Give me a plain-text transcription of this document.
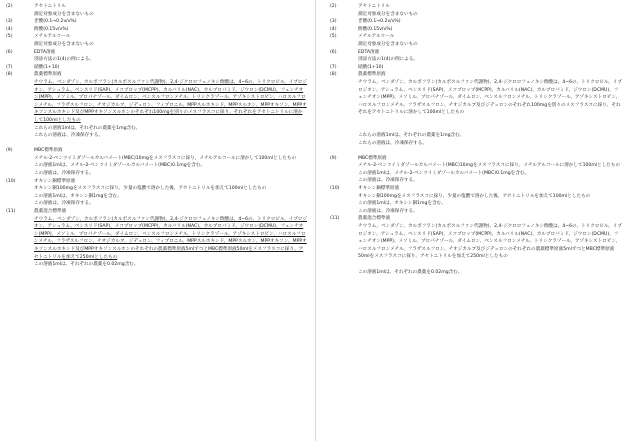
(2)	アセトニトリル
測定対象成分を含まないもの
(3)	ぎ酸(0.1→0.2v/v%)
(4)	酢酸(0.15v/v%)
(5)	メチルアルコール
測定対象成分を含まないもの
(6)	EDTA溶液
別添方法の1(4)の例による。
(7)	硝酸(1+10)
(8)	農薬標準原液
チウラム、ベンダゾン、カルボフラン(カルボスルファン代謝物)、2,4-ジクロロフェノキシ酢酸は、4~6の、トリクロピル、イプロジオン、アシュラム、ベンスリド(SAP)、メコプロップ(MCPP)、カルバリル(NAC)、カルプロパミド、ジウロン(DCMU)、フェンチオン(MPP)、メソミル、プロパナゾール、ダイムロン、ベンスルフロンメチル、トリシクラゾール、アゾキシストロビン、ハロスルフロンメチル、フラザスルフロン、チオジカルブ、ジデュロン、フィプロニル、MPPスルホキシド、MPPスルホン、MPPオキソン、MPPオキソンスルホキシド及びMPPオキソンスルホンのそれぞれ100mgを別々のメスフラスコに採り、それぞれをアセトニトリルに溶かして100mlとしたもの
これらの溶液1mlは、それぞれの農薬を1mg含む。
これらの溶液は、冷凍保存する。
(9)	MBC標準原液
メチル-2-ベンツイミダゾールカルバメート(MBC)10mgをメスフラスコに採り、メチルアルコールに溶かして100mlとしたもの
この溶液1mlは、メチル-2-ベンツイミダゾールカルバメート(MBC)0.1mgを含む。
この溶液は、冷凍保存する。
(10)	オキシン銅標準原液
オキシン銅100mgをメスフラスコに採り、少量の塩酸で溶かした後、アセトニトリルを加えて100mlとしたもの
この溶液1mlは、オキシン銅1mgを含む。
この溶液は、冷凍保存する。
(11)	農薬混合標準液
チウラム、ベンダゾン、カルボフラン(カルボスルファン代謝物)、2,4-ジクロロフェノキシ酢酸は、4~6の、トリクロピル、イプロジオン、アシュラム、ベンスリド(SAP)、メコプロップ(MCPP)、カルバリル(NAC)、カルプロパミド、ジウロン(DCMU)、フェンチオン(MPP)、メソミル、プロパナゾール、ダイムロン、ベンスルフロンメチル、トリシクラゾール、アゾキシストロビン、ハロスルフロンメチル、フラザスルフロン、チオジカルブ、ジデュロン、フィプロニル、MPPスルホキシド、MPPスルホン、MPPオキソン、MPPオキソンスルホキシド及びMPPオキソンスルホンのそれぞれの農薬標準原液5mlずつとMBC標準原液50mlをメスフラスコに採り、アセトニトリルを加えて250mlとしたもの
この溶液1mlは、それぞれの農薬を0.02mg含む。
(2)	アセトニトリル
測定対象成分を含まないもの
(3)	ぎ酸(0.1→0.2v/v%)
(4)	酢酸(0.15v/v%)
(5)	メチルアルコール
測定対象成分を含まないもの
(6)	EDTA溶液
別添方法の1(4)の例による。
(7)	硝酸(1+10)
(8)	農薬標準原液
チウラム、ベンダゾン、カルボフラン(カルボスルファン代謝物)、2,4-ジクロロフェノキシ酢酸は、4~6の、トリクロピル、イプロジオン、アシュラム、ベンスリド(SAP)、メコプロップ(MCPP)、カルバリル(NAC)、カルプロパミド、ジウロン(DCMU)、フェンチオン(MPP)、メソミル、プロパナゾール、ダイムロン、ベンスルフロンメチル、トリシクラゾール、アゾキシストロビン、ハロスルフロンメチル、フラザスルフロン、チオジカルブ及びジデュロンのそれぞれ100mgを別々のメスフラスコに採り、それぞれをアセトニトリルに溶かして100mlとしたもの
これらの溶液1mlは、それぞれの農薬を1mg含む。
これらの溶液は、冷凍保存する。
(9)	MBC標準原液
メチル-2-ベンツイミダゾールカルバメート(MBC)10mgをメスフラスコに採り、メチルアルコールに溶かして100mlとしたもの
この溶液1mlは、メチル-2-ベンツイミダゾールカルバメート(MBC)0.1mgを含む。
この溶液は、冷凍保存する。
(10)	オキシン銅標準原液
オキシン銅100mgをメスフラスコに採り、少量の塩酸で溶かした後、アセトニトリルを加えて100mlとしたもの
この溶液1mlは、オキシン銅1mgを含む。
この溶液は、冷凍保存する。
(11)	農薬混合標準液
チウラム、ベンダゾン、カルボフラン(カルボスルファン代謝物)、2,4-ジクロロフェノキシ酢酸は、4~6の、トリクロピル、イプロジオン、アシュラム、ベンスリド(SAP)、メコプロップ(MCPP)、カルバリル(NAC)、カルプロパミド、ジウロン(DCMU)、フェンチオン(MPP)、メソミル、プロパナゾール、ダイムロン、ベンスルフロンメチル、トリシクラゾール、アゾキシストロビン、ハロスルフロンメチル、フラザスルフロン、チオジカルブ及びジデュロンのそれぞれの農薬標準原液5mlずつとMBC標準原液50mlをメスフラスコに採り、アセトニトリルを加えて250mlとしたもの
この溶液1mlは、それぞれの農薬を0.02mg含む。
